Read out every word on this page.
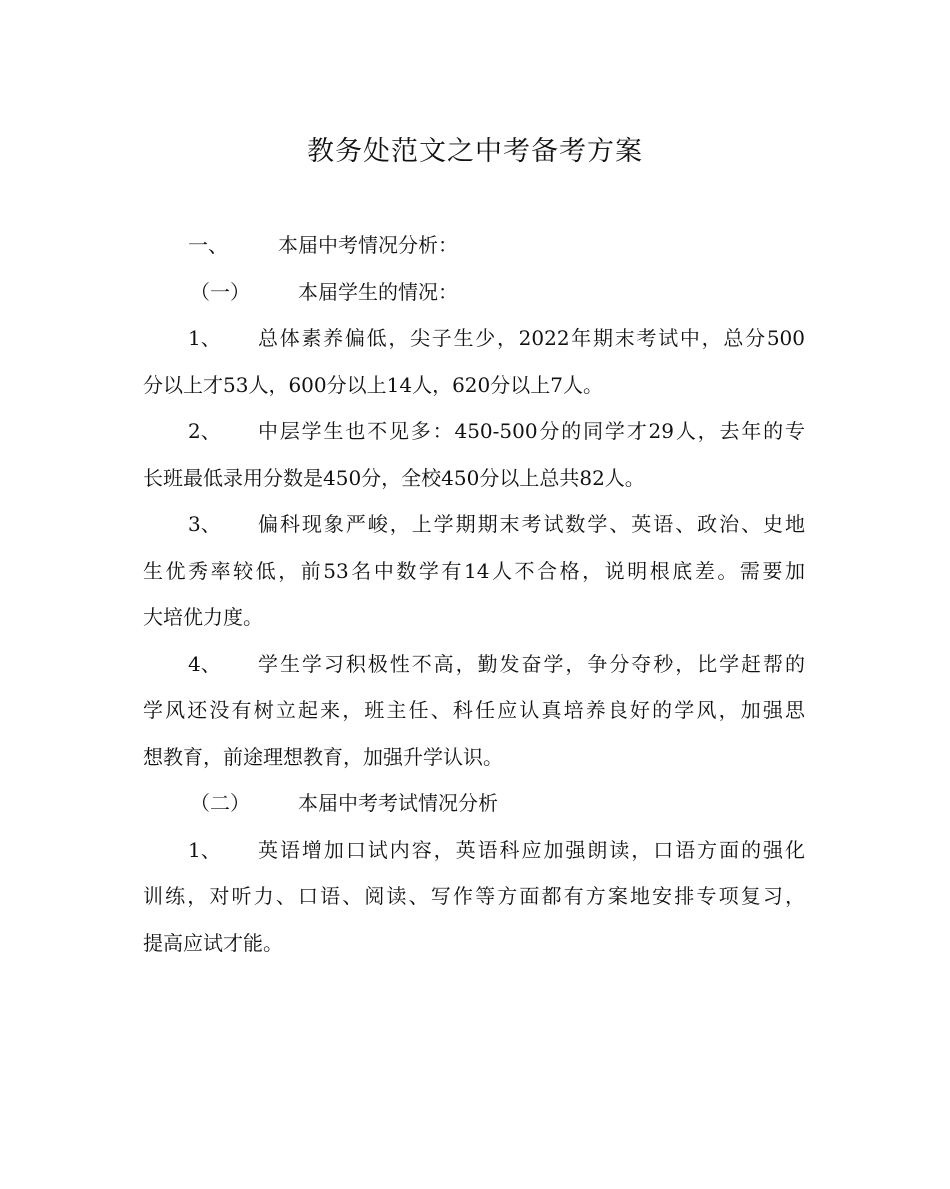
教务处范文之中考备考方案
一、	本届中考情况分析：
（一）	本届学生的情况：
1、	总体素养偏低，尖子生少，2022年期末考试中，总分500
分以上才53人，600分以上14人，620分以上7人。
2、	中层学生也不见多：450-500分的同学才29人，去年的专
长班最低录用分数是450分，全校450分以上总共82人。
3、	偏科现象严峻，上学期期末考试数学、英语、政治、史地
生优秀率较低，前53名中数学有14人不合格，说明根底差。需要加
大培优力度。
4、	学生学习积极性不高，勤发奋学，争分夺秒，比学赶帮的
学风还没有树立起来，班主任、科任应认真培养良好的学风，加强思
想教育，前途理想教育，加强升学认识。
（二）	本届中考考试情况分析
1、	英语增加口试内容，英语科应加强朗读，口语方面的强化
训练，对听力、口语、阅读、写作等方面都有方案地安排专项复习，
提高应试才能。
